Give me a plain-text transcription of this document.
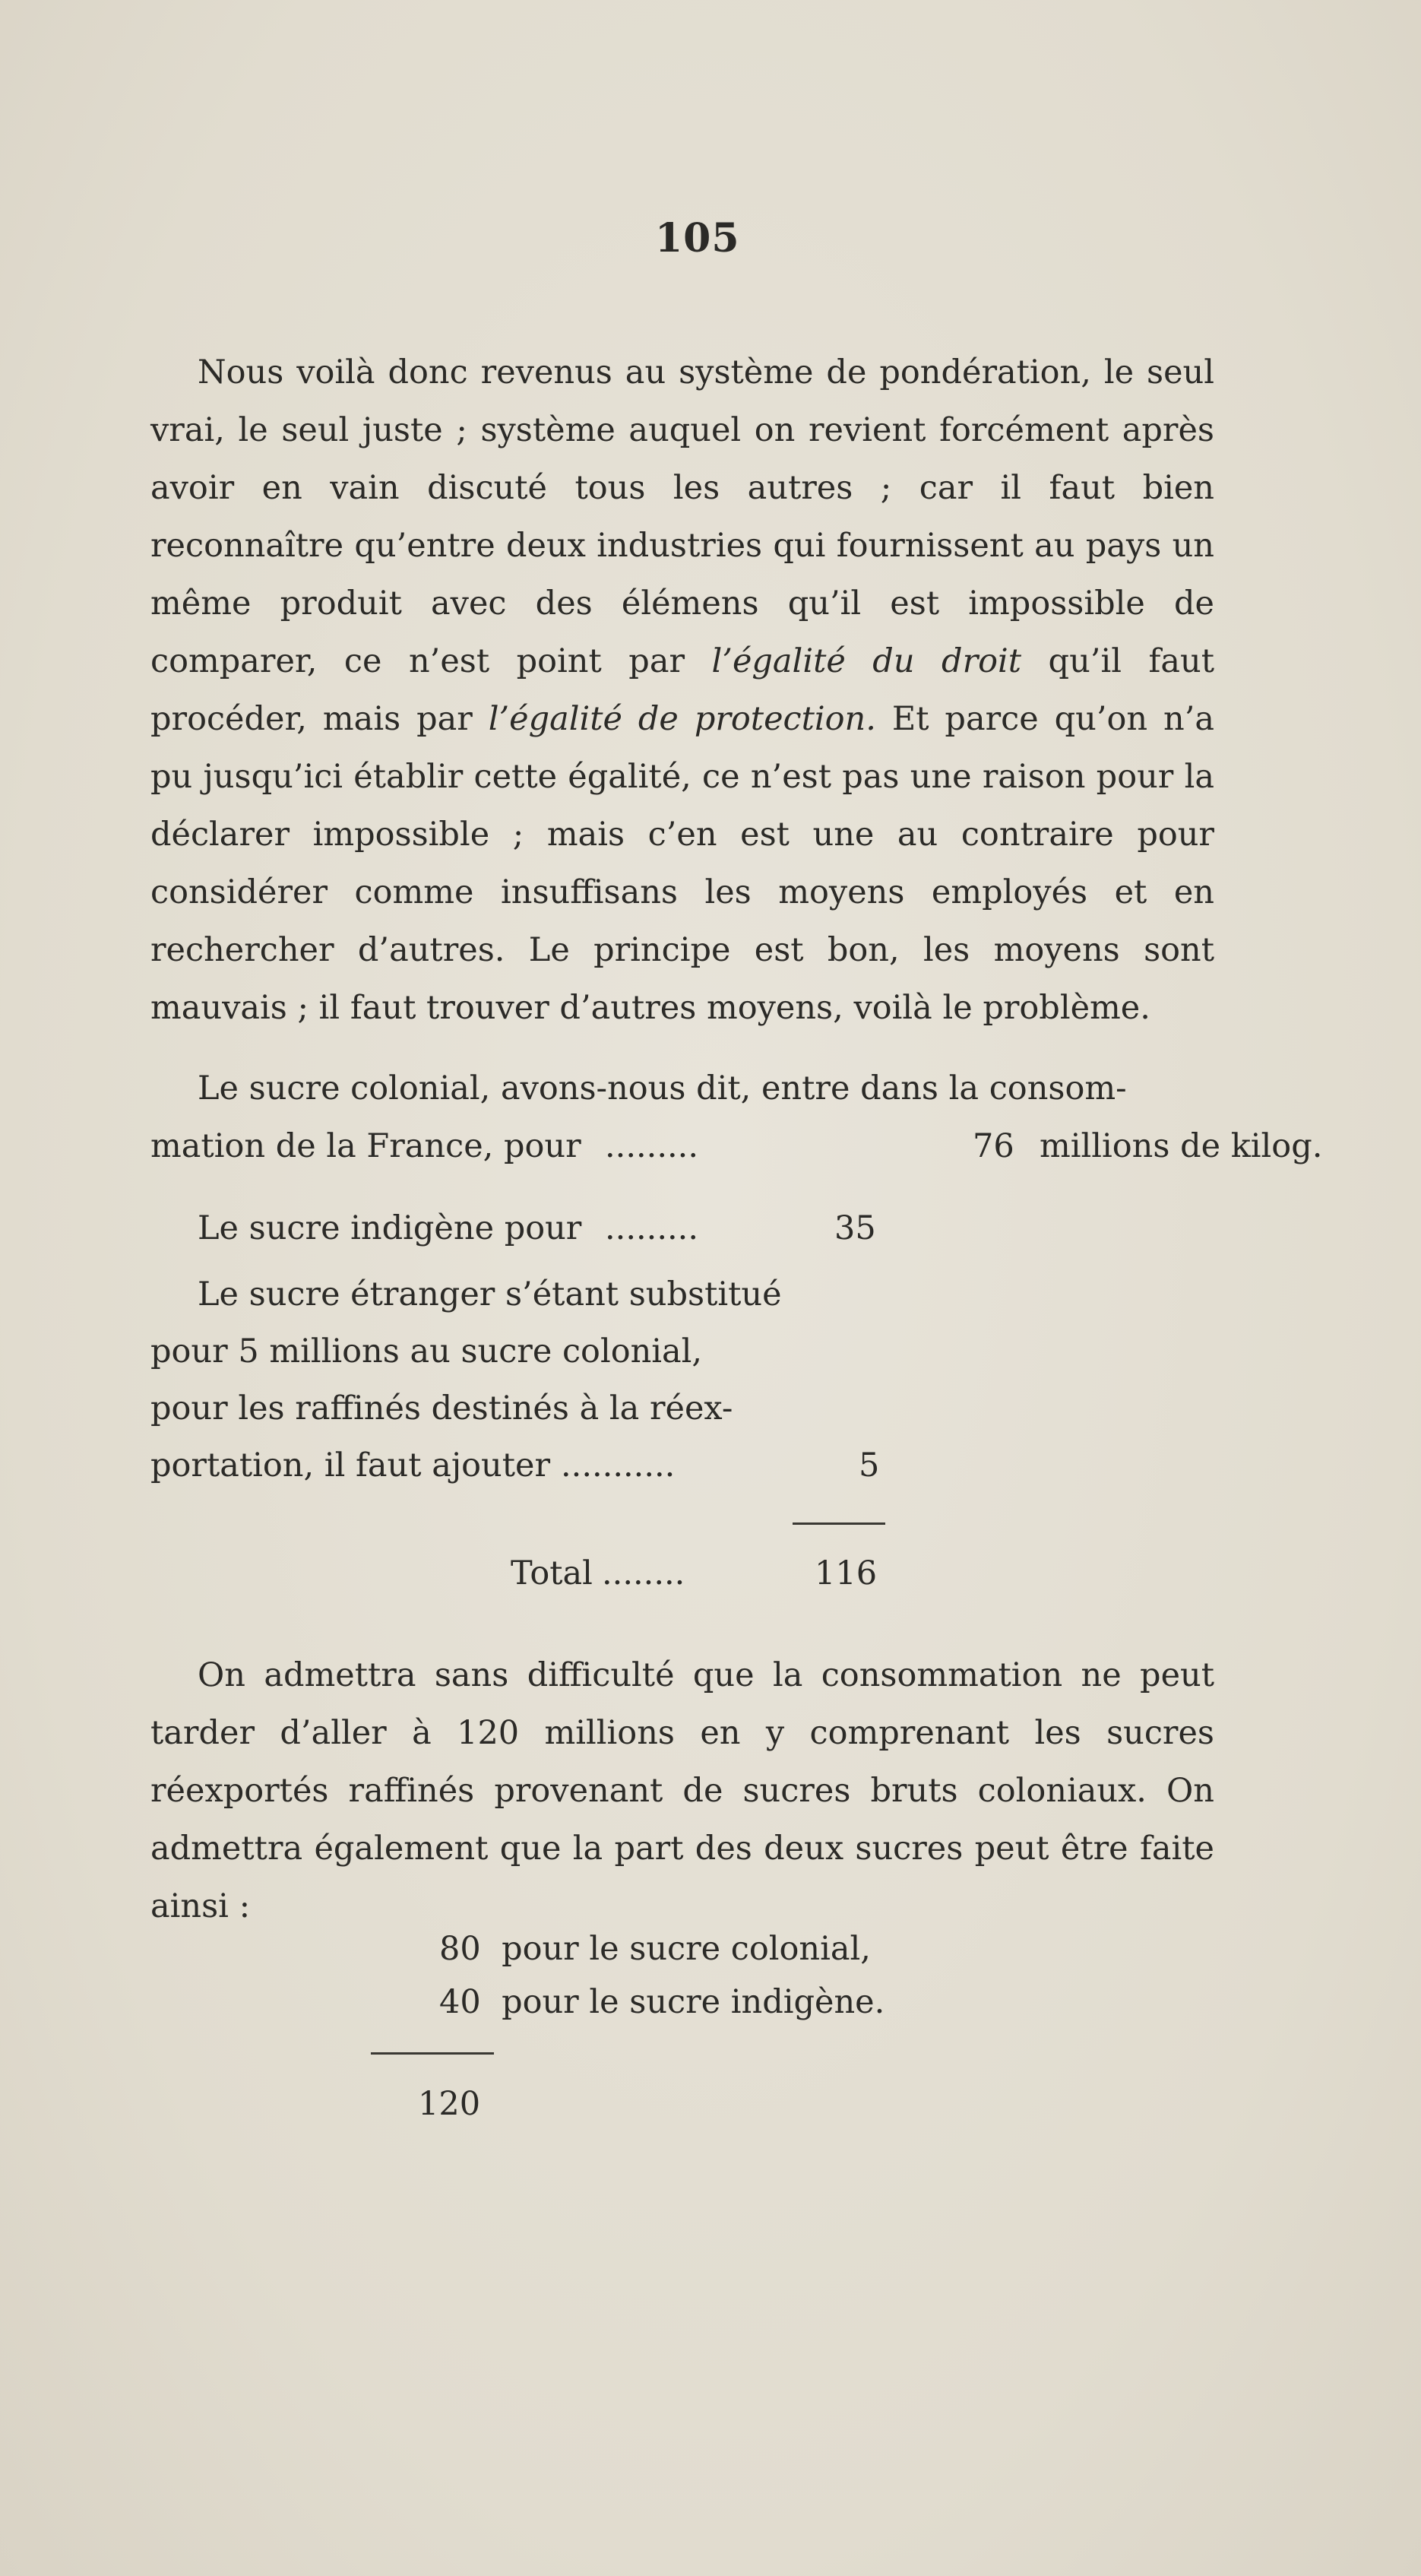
105

Nous voilà donc revenus au système de pondération, le seul vrai, le seul juste ; système auquel on revient forcément après avoir en vain discuté tous les autres ; car il faut bien reconnaître qu’entre deux industries qui fournissent au pays un même produit avec des élémens qu’il est impossible de comparer, ce n’est point par l’égalité du droit qu’il faut procéder, mais par l’égalité de protection. Et parce qu’on n’a pu jusqu’ici établir cette égalité, ce n’est pas une raison pour la déclarer impossible ; mais c’en est une au contraire pour considérer comme insuffisans les moyens employés et en rechercher d’autres. Le principe est bon, les moyens sont mauvais ; il faut trouver d’autres moyens, voilà le problème.

Le sucre colonial, avons-nous dit, entre dans la consom-
mation de la France, pour .........	76 millions de kilog.
Le sucre indigène pour .........	35
Le sucre étranger s’étant substitué
pour 5 millions au sucre colonial,
pour les raffinés destinés à la réex-
portation, il faut ajouter ...........	5
Total ........	116

On admettra sans difficulté que la consommation ne peut tarder d’aller à 120 millions en y comprenant les sucres réexportés raffinés provenant de sucres bruts coloniaux. On admettra également que la part des deux sucres peut être faite ainsi :

80 pour le sucre colonial,
40 pour le sucre indigène.
120
